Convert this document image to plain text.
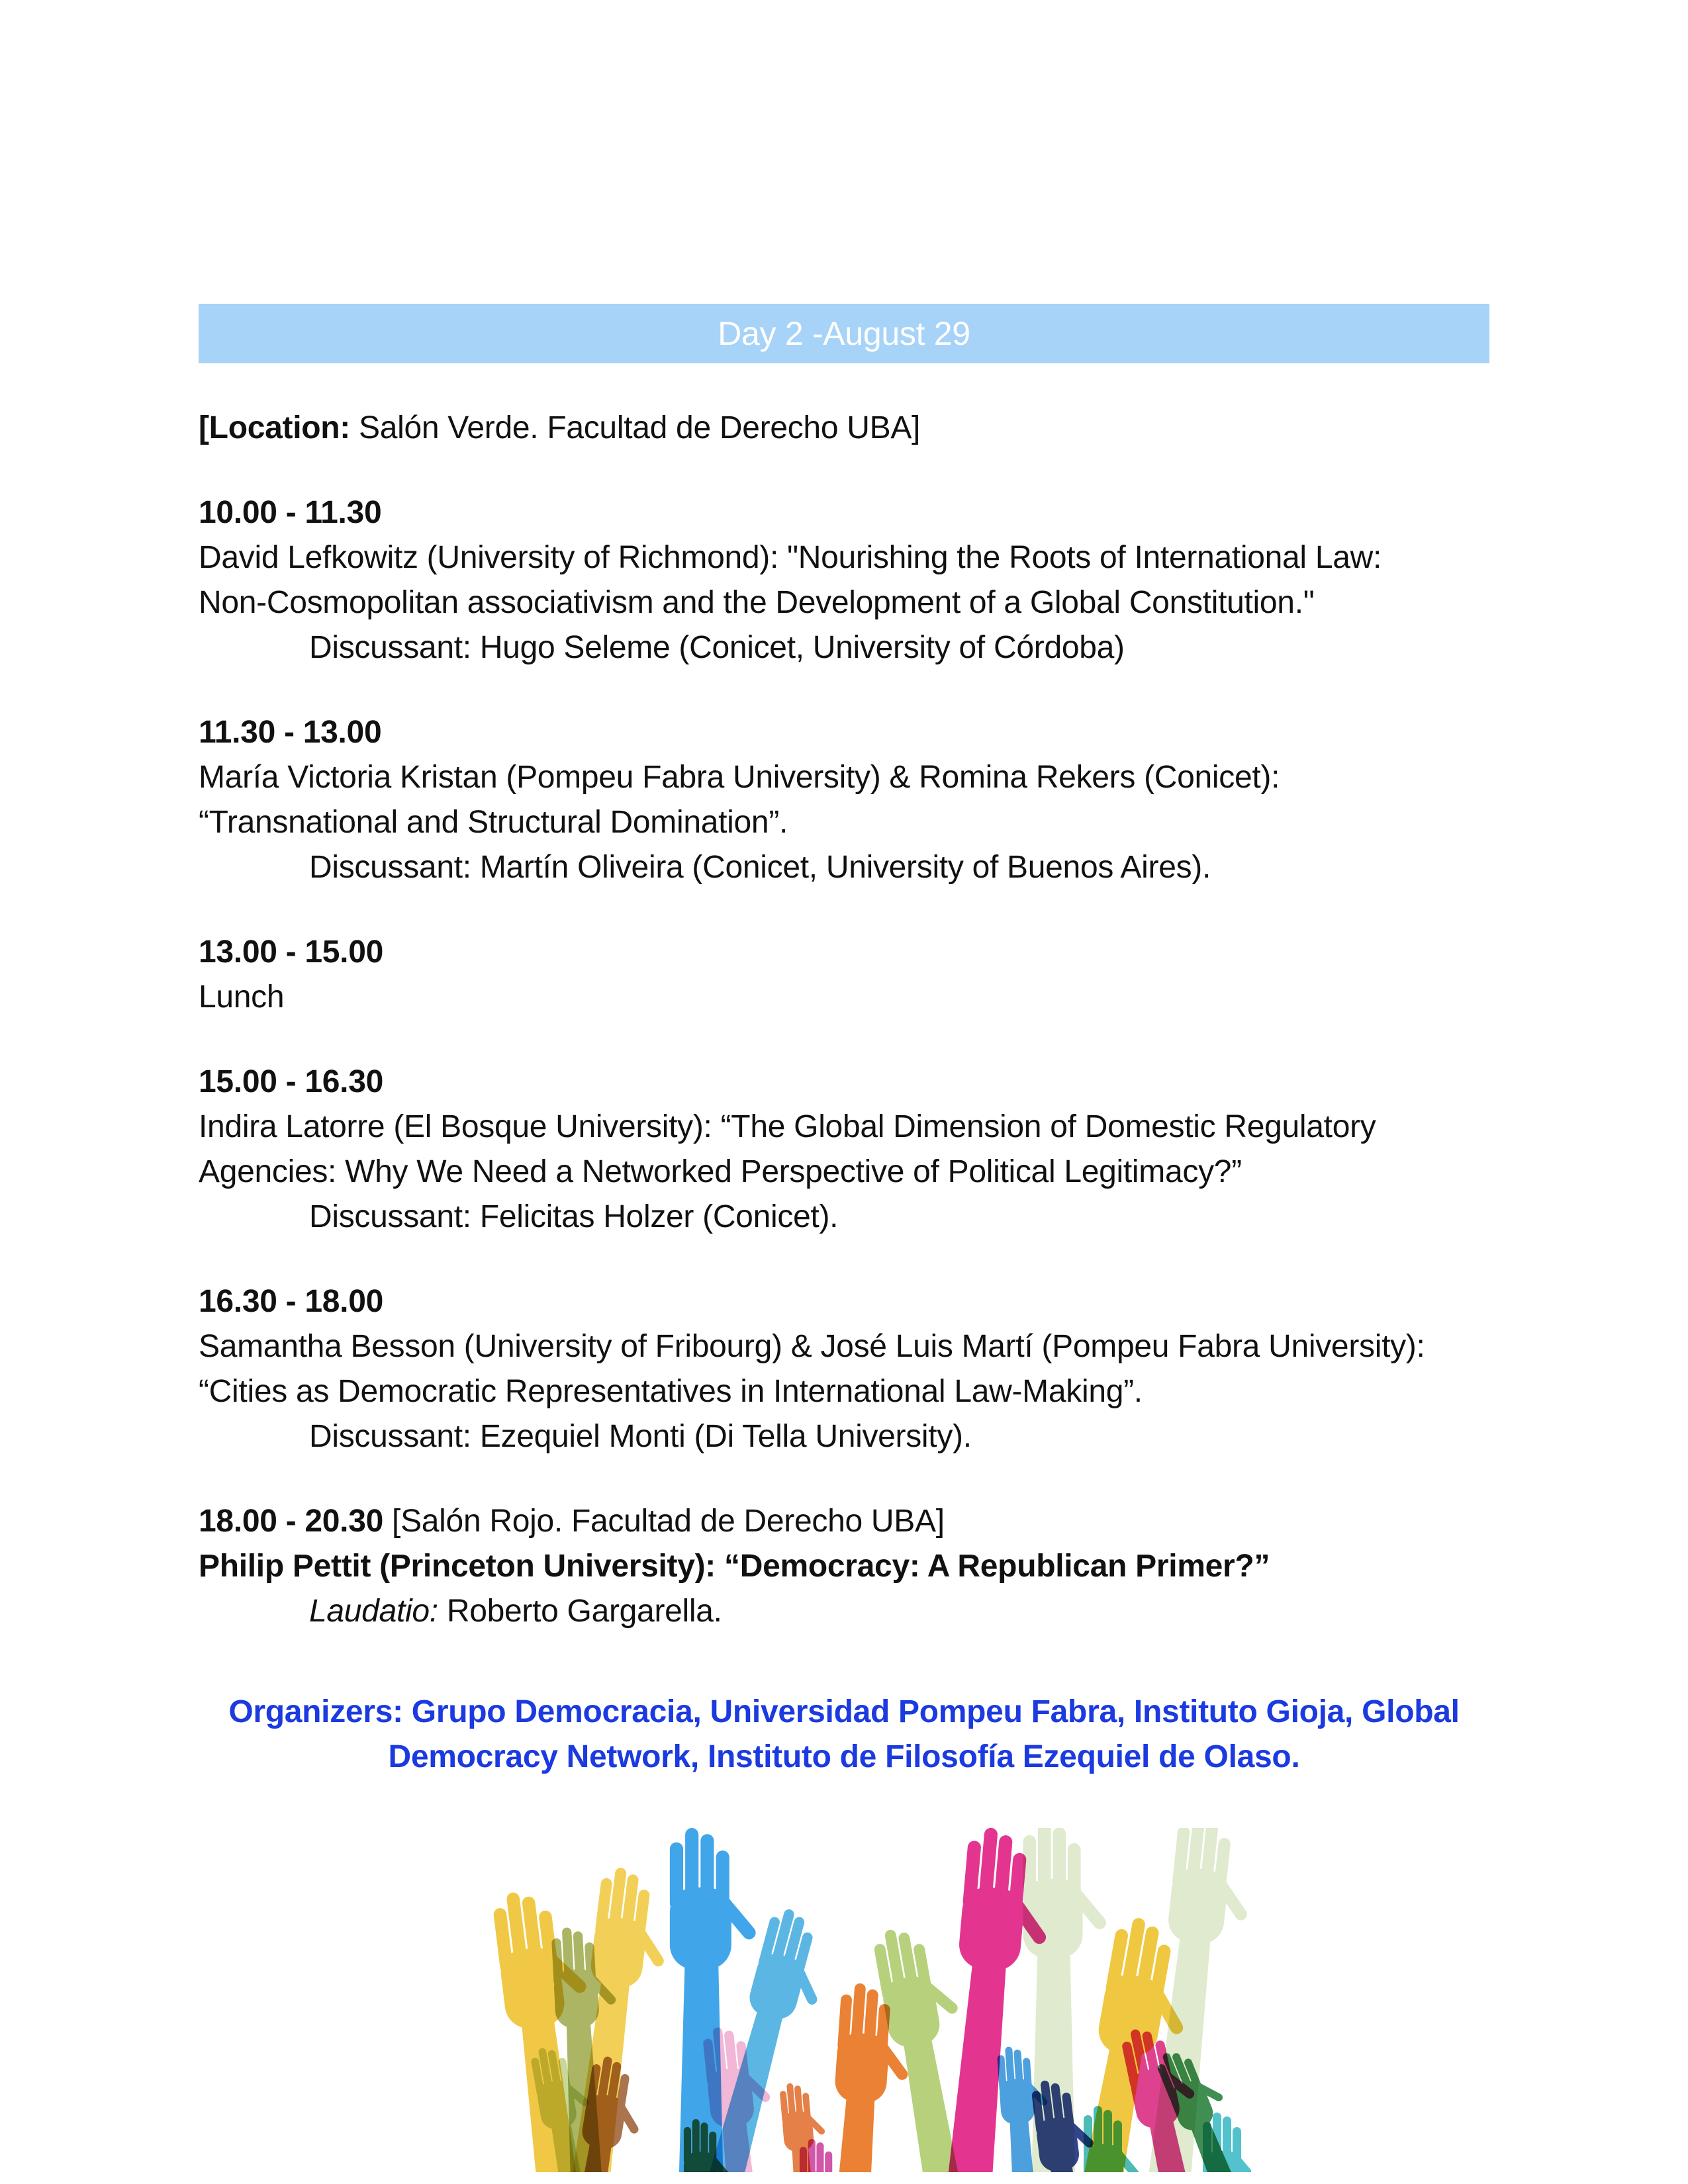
Day 2 -August 29
[Location: Salón Verde. Facultad de Derecho UBA]
10.00 - 11.30
David Lefkowitz (University of Richmond): "Nourishing the Roots of International Law:
Non-Cosmopolitan associativism and the Development of a Global Constitution."
Discussant: Hugo Seleme (Conicet, University of Córdoba)
11.30 - 13.00
María Victoria Kristan (Pompeu Fabra University) & Romina Rekers (Conicet):
“Transnational and Structural Domination”.
Discussant: Martín Oliveira (Conicet, University of Buenos Aires).
13.00 - 15.00
Lunch
15.00 - 16.30
Indira Latorre (El Bosque University): “The Global Dimension of Domestic Regulatory
Agencies: Why We Need a Networked Perspective of Political Legitimacy?”
Discussant: Felicitas Holzer (Conicet).
16.30 - 18.00
Samantha Besson (University of Fribourg) & José Luis Martí (Pompeu Fabra University):
“Cities as Democratic Representatives in International Law-Making”.
Discussant: Ezequiel Monti (Di Tella University).
18.00 - 20.30 [Salón Rojo. Facultad de Derecho UBA]
Philip Pettit (Princeton University): “Democracy: A Republican Primer?”
Laudatio: Roberto Gargarella.
Organizers: Grupo Democracia, Universidad Pompeu Fabra, Instituto Gioja, Global
Democracy Network, Instituto de Filosofía Ezequiel de Olaso.
